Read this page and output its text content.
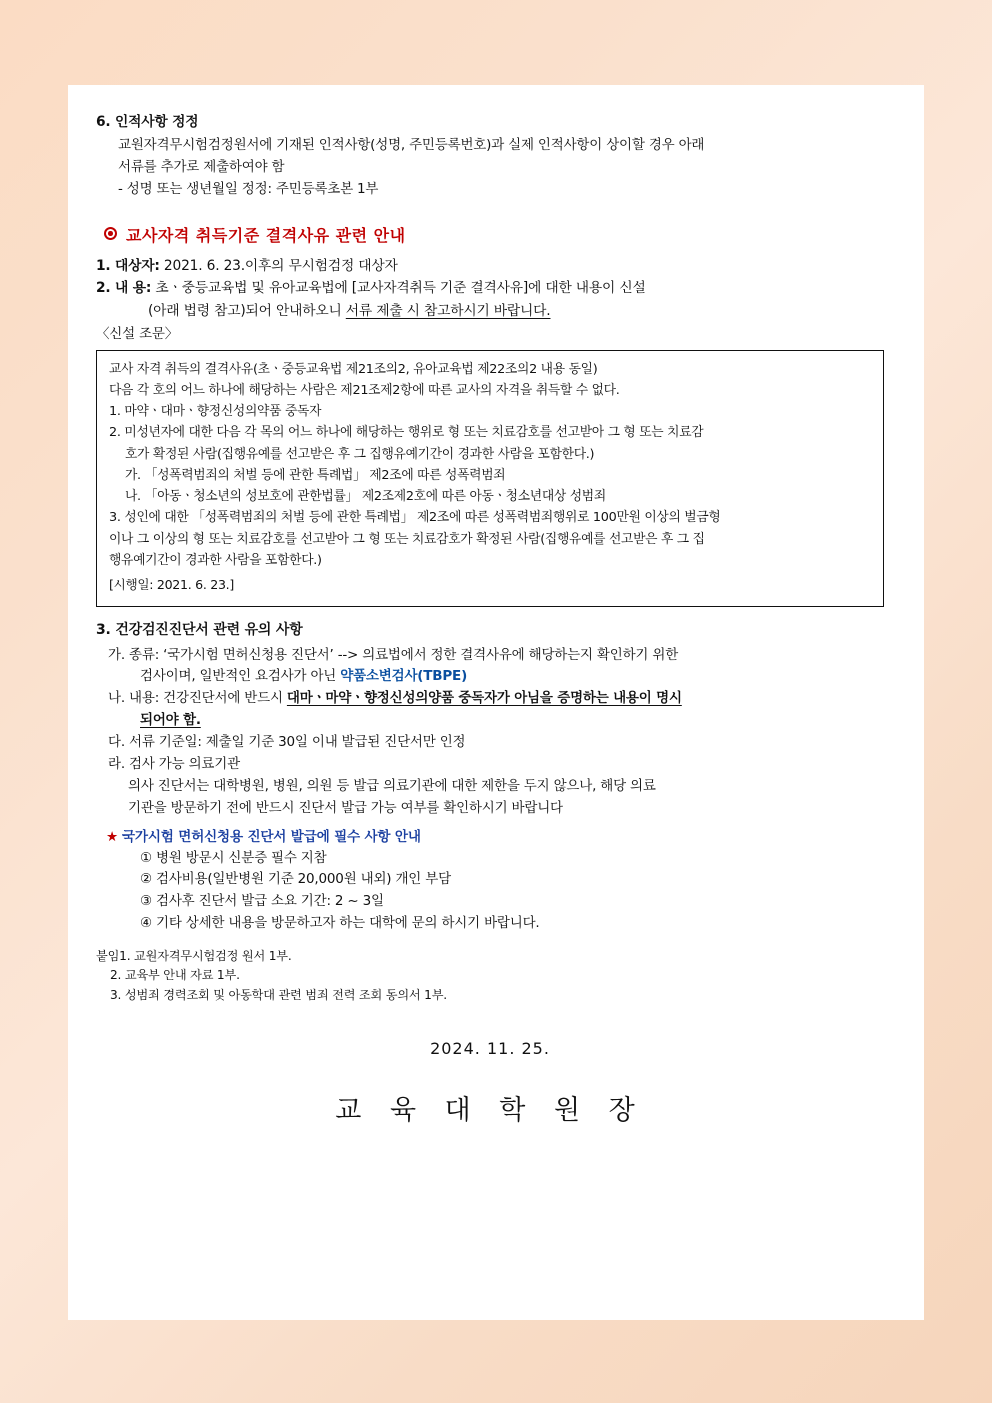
6. 인적사항 정정
교원자격무시험검정원서에 기재된 인적사항(성명, 주민등록번호)과 실제 인적사항이 상이할 경우 아래
서류를 추가로 제출하여야 함
- 성명 또는 생년월일 정정: 주민등록초본 1부
교사자격 취득기준 결격사유 관련 안내
1. 대상자: 2021. 6. 23.이후의 무시험검정 대상자
2. 내 용: 초ㆍ중등교육법 및 유아교육법에 [교사자격취득 기준 결격사유]에 대한 내용이 신설
(아래 법령 참고)되어 안내하오니 서류 제출 시 참고하시기 바랍니다.
〈신설 조문〉
교사 자격 취득의 결격사유(초ㆍ중등교육법 제21조의2, 유아교육법 제22조의2 내용 동일)
다음 각 호의 어느 하나에 해당하는 사람은 제21조제2항에 따른 교사의 자격을 취득할 수 없다.
1. 마약ㆍ대마ㆍ향정신성의약품 중독자
2. 미성년자에 대한 다음 각 목의 어느 하나에 해당하는 행위로 형 또는 치료감호를 선고받아 그 형 또는 치료감
호가 확정된 사람(집행유예를 선고받은 후 그 집행유예기간이 경과한 사람을 포함한다.)
가. 「성폭력범죄의 처벌 등에 관한 특례법」 제2조에 따른 성폭력범죄
나. 「아동ㆍ청소년의 성보호에 관한법률」 제2조제2호에 따른 아동ㆍ청소년대상 성범죄
3. 성인에 대한 「성폭력범죄의 처벌 등에 관한 특례법」 제2조에 따른 성폭력범죄행위로 100만원 이상의 벌금형
이나 그 이상의 형 또는 치료감호를 선고받아 그 형 또는 치료감호가 확정된 사람(집행유예를 선고받은 후 그 집
행유예기간이 경과한 사람을 포함한다.)
[시행일: 2021. 6. 23.]
3. 건강검진진단서 관련 유의 사항
가. 종류: ‘국가시험 면허신청용 진단서’ --> 의료법에서 정한 결격사유에 해당하는지 확인하기 위한
검사이며, 일반적인 요검사가 아닌 약품소변검사(TBPE)
나. 내용: 건강진단서에 반드시 대마ㆍ마약ㆍ향정신성의양품 중독자가 아님을 증명하는 내용이 명시
되어야 함.
다. 서류 기준일: 제출일 기준 30일 이내 발급된 진단서만 인정
라. 검사 가능 의료기관
의사 진단서는 대학병원, 병원, 의원 등 발급 의료기관에 대한 제한을 두지 않으나, 해당 의료
기관을 방문하기 전에 반드시 진단서 발급 가능 여부를 확인하시기 바랍니다
★ 국가시험 면허신청용 진단서 발급에 필수 사항 안내
① 병원 방문시 신분증 필수 지참
② 검사비용(일반병원 기준 20,000원 내외) 개인 부담
③ 검사후 진단서 발급 소요 기간: 2 ~ 3일
④ 기타 상세한 내용을 방문하고자 하는 대학에 문의 하시기 바랍니다.
붙임1. 교원자격무시험검정 원서 1부.
2. 교육부 안내 자료 1부.
3. 성범죄 경력조회 및 아동학대 관련 범죄 전력 조회 동의서 1부.
2024. 11. 25.
교 육 대 학 원 장
